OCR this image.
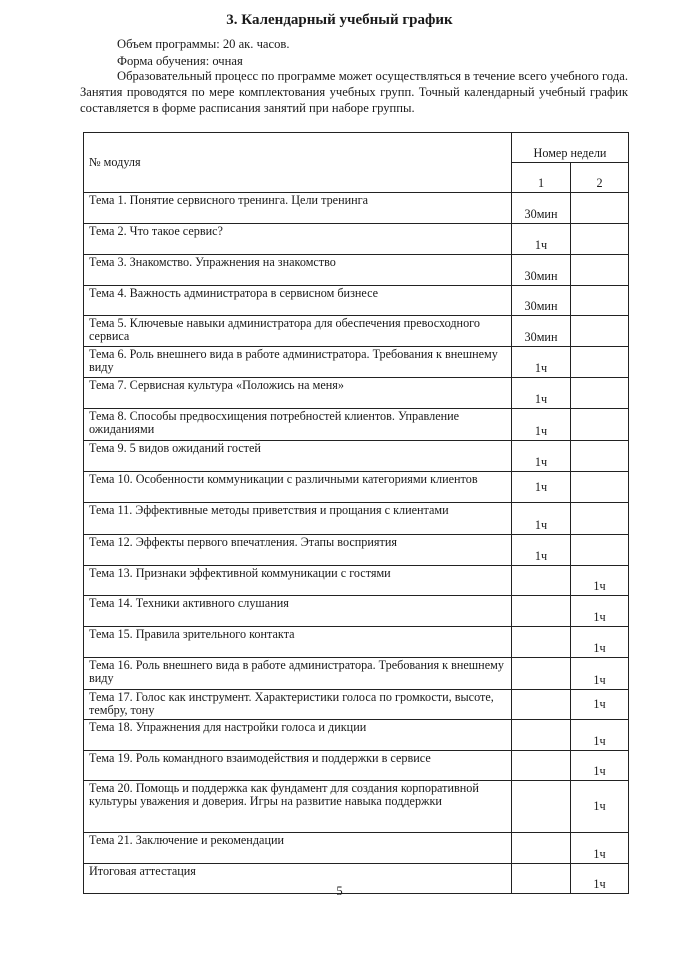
3. Календарный учебный график
Объем программы: 20 ак. часов.
Форма обучения: очная
Образовательный процесс по программе может осуществляться в течение всего учебного года. Занятия проводятся по мере комплектования учебных групп. Точный календарный учебный график составляется в форме расписания занятий при наборе группы.
№ модуля	Номер недели	
	1	2
Тема 1. Понятие сервисного тренинга. Цели тренинга	30мин	
Тема 2. Что такое сервис?	1ч	
Тема 3. Знакомство. Упражнения на знакомство	30мин	
Тема 4. Важность администратора в сервисном бизнесе	30мин	
Тема 5. Ключевые навыки администратора для обеспечения превосходного сервиса	30мин	
Тема 6. Роль внешнего вида в работе администратора. Требования к внешнему виду	1ч	
Тема 7. Сервисная культура «Положись на меня»	1ч	
Тема 8. Способы предвосхищения потребностей клиентов. Управление ожиданиями	1ч	
Тема 9. 5 видов ожиданий гостей	1ч	
Тема 10. Особенности коммуникации с различными категориями клиентов	1ч	
Тема 11. Эффективные методы приветствия и прощания с клиентами	1ч	
Тема 12. Эффекты первого впечатления. Этапы восприятия	1ч	
Тема 13. Признаки эффективной коммуникации с гостями		1ч
Тема 14. Техники активного слушания		1ч
Тема 15. Правила зрительного контакта		1ч
Тема 16. Роль внешнего вида в работе администратора. Требования к внешнему виду		1ч
Тема 17. Голос как инструмент. Характеристики голоса по громкости, высоте, тембру, тону		1ч
Тема 18. Упражнения для настройки голоса и дикции		1ч
Тема 19. Роль командного взаимодействия и поддержки в сервисе		1ч
Тема 20. Помощь и поддержка как фундамент для создания корпоративной культуры уважения и доверия. Игры на развитие навыка поддержки		1ч
Тема 21. Заключение и рекомендации		1ч
Итоговая аттестация		1ч
5
